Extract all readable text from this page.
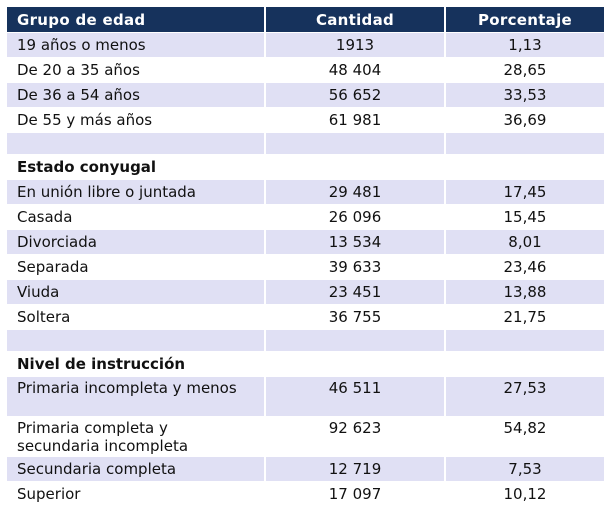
Grupo de edad	Cantidad	Porcentaje
19 años o menos	1913	1,13
De 20 a 35 años	48 404	28,65
De 36 a 54 años	56 652	33,53
De 55 y más años	61 981	36,69

Estado conyugal		
En unión libre o juntada	29 481	17,45
Casada	26 096	15,45
Divorciada	13 534	8,01
Separada	39 633	23,46
Viuda	23 451	13,88
Soltera	36 755	21,75

Nivel de instrucción		
Primaria incompleta y menos	46 511	27,53
Primaria completa y secundaria incompleta	92 623	54,82
Secundaria completa	12 719	7,53
Superior	17 097	10,12
